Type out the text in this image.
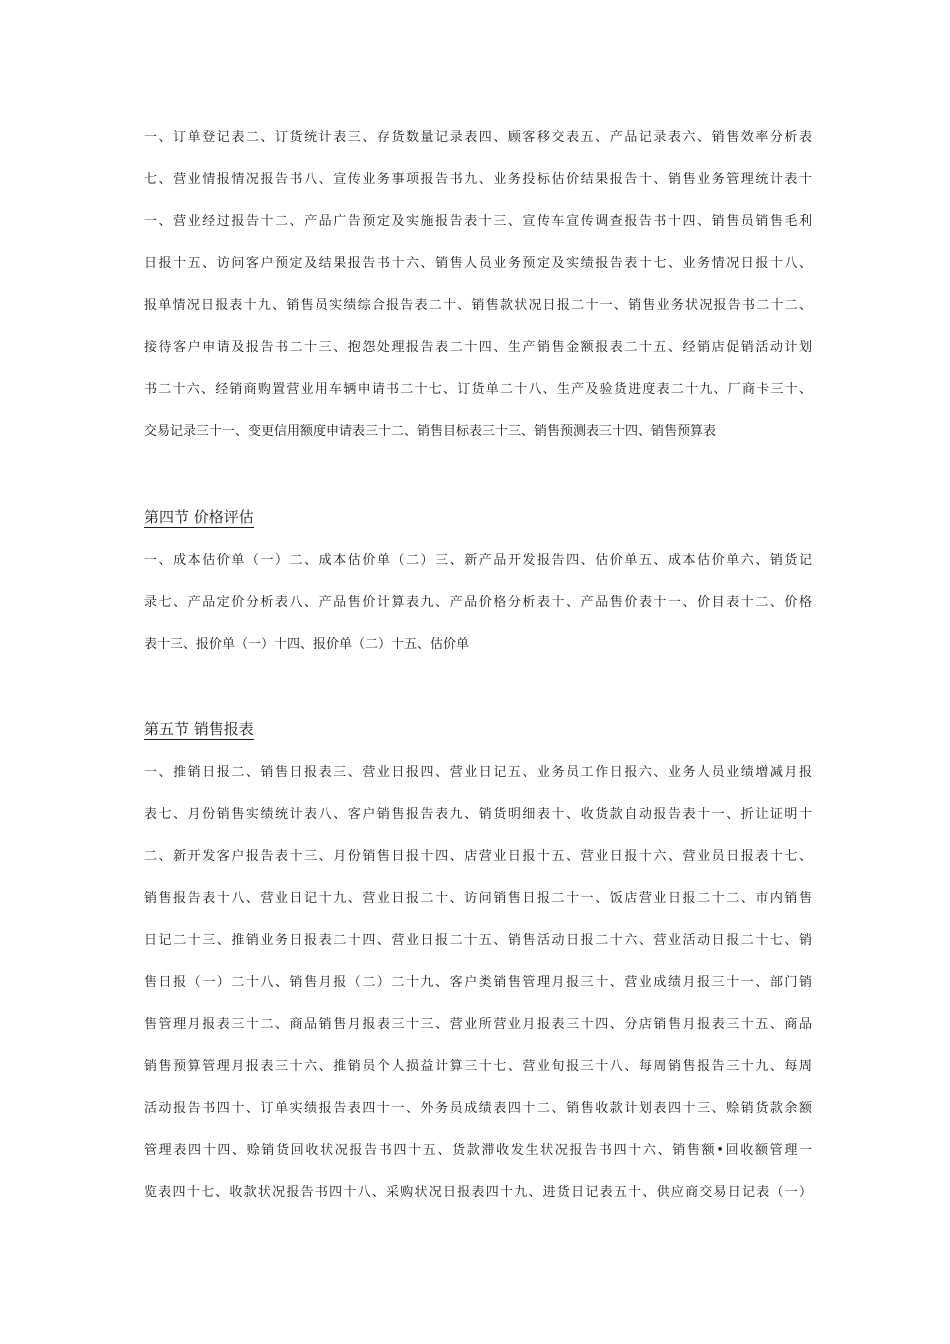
一、订单登记表二、订货统计表三、存货数量记录表四、顾客移交表五、产品记录表六、销售效率分析表
七、营业情报情况报告书八、宣传业务事项报告书九、业务投标估价结果报告十、销售业务管理统计表十
一、营业经过报告十二、产品广告预定及实施报告表十三、宣传车宣传调查报告书十四、销售员销售毛利
日报十五、访问客户预定及结果报告书十六、销售人员业务预定及实绩报告表十七、业务情况日报十八、
报单情况日报表十九、销售员实绩综合报告表二十、销售款状况日报二十一、销售业务状况报告书二十二、
接待客户申请及报告书二十三、抱怨处理报告表二十四、生产销售金额报表二十五、经销店促销活动计划
书二十六、经销商购置营业用车辆申请书二十七、订货单二十八、生产及验货进度表二十九、厂商卡三十、
交易记录三十一、变更信用额度申请表三十二、销售目标表三十三、销售预测表三十四、销售预算表
第四节 价格评估
一、成本估价单（一）二、成本估价单（二）三、新产品开发报告四、估价单五、成本估价单六、销货记
录七、产品定价分析表八、产品售价计算表九、产品价格分析表十、产品售价表十一、价目表十二、价格
表十三、报价单（一）十四、报价单（二）十五、估价单
第五节 销售报表
一、推销日报二、销售日报表三、营业日报四、营业日记五、业务员工作日报六、业务人员业绩增减月报
表七、月份销售实绩统计表八、客户销售报告表九、销货明细表十、收货款自动报告表十一、折让证明十
二、新开发客户报告表十三、月份销售日报十四、店营业日报十五、营业日报十六、营业员日报表十七、
销售报告表十八、营业日记十九、营业日报二十、访问销售日报二十一、饭店营业日报二十二、市内销售
日记二十三、推销业务日报表二十四、营业日报二十五、销售活动日报二十六、营业活动日报二十七、销
售日报（一）二十八、销售月报（二）二十九、客户类销售管理月报三十、营业成绩月报三十一、部门销
售管理月报表三十二、商品销售月报表三十三、营业所营业月报表三十四、分店销售月报表三十五、商品
销售预算管理月报表三十六、推销员个人损益计算三十七、营业旬报三十八、每周销售报告三十九、每周
活动报告书四十、订单实绩报告表四十一、外务员成绩表四十二、销售收款计划表四十三、赊销货款余额
管理表四十四、赊销货回收状况报告书四十五、货款滞收发生状况报告书四十六、销售额•回收额管理一
览表四十七、收款状况报告书四十八、采购状况日报表四十九、进货日记表五十、供应商交易日记表（一）
